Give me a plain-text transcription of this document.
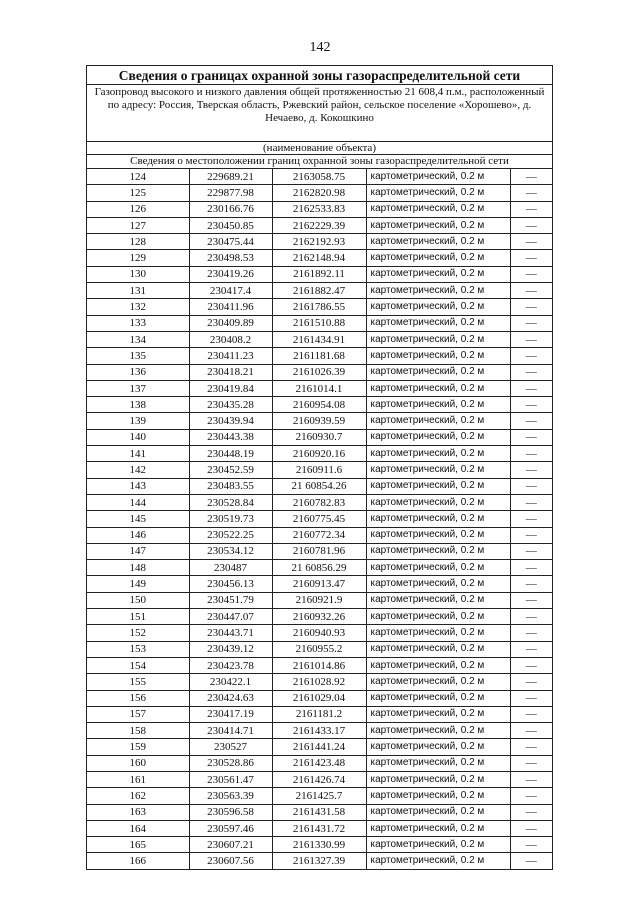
142
Сведения о границах охранной зоны газораспределительной сети
Газопровод высокого и низкого давления общей протяженностью 21 608,4 п.м., расположенный по адресу: Россия, Тверская область, Ржевский район, сельское поселение «Хорошево», д. Нечаево, д. Кокошкино
(наименование объекта)
Сведения о местоположении границ охранной зоны газораспределительной сети
124	229689.21	2163058.75	картометрический, 0.2 м	—
125	229877.98	2162820.98	картометрический, 0.2 м	—
126	230166.76	2162533.83	картометрический, 0.2 м	—
127	230450.85	2162229.39	картометрический, 0.2 м	—
128	230475.44	2162192.93	картометрический, 0.2 м	—
129	230498.53	2162148.94	картометрический, 0.2 м	—
130	230419.26	2161892.11	картометрический, 0.2 м	—
131	230417.4	2161882.47	картометрический, 0.2 м	—
132	230411.96	2161786.55	картометрический, 0.2 м	—
133	230409.89	2161510.88	картометрический, 0.2 м	—
134	230408.2	2161434.91	картометрический, 0.2 м	—
135	230411.23	2161181.68	картометрический, 0.2 м	—
136	230418.21	2161026.39	картометрический, 0.2 м	—
137	230419.84	2161014.1	картометрический, 0.2 м	—
138	230435.28	2160954.08	картометрический, 0.2 м	—
139	230439.94	2160939.59	картометрический, 0.2 м	—
140	230443.38	2160930.7	картометрический, 0.2 м	—
141	230448.19	2160920.16	картометрический, 0.2 м	—
142	230452.59	2160911.6	картометрический, 0.2 м	—
143	230483.55	21 60854.26	картометрический, 0.2 м	—
144	230528.84	2160782.83	картометрический, 0.2 м	—
145	230519.73	2160775.45	картометрический, 0.2 м	—
146	230522.25	2160772.34	картометрический, 0.2 м	—
147	230534.12	2160781.96	картометрический, 0.2 м	—
148	230487	21 60856.29	картометрический, 0.2 м	—
149	230456.13	2160913.47	картометрический, 0.2 м	—
150	230451.79	2160921.9	картометрический, 0.2 м	—
151	230447.07	2160932.26	картометрический, 0.2 м	—
152	230443.71	2160940.93	картометрический, 0.2 м	—
153	230439.12	2160955.2	картометрический, 0.2 м	—
154	230423.78	2161014.86	картометрический, 0.2 м	—
155	230422.1	2161028.92	картометрический, 0.2 м	—
156	230424.63	2161029.04	картометрический, 0.2 м	—
157	230417.19	2161181.2	картометрический, 0.2 м	—
158	230414.71	2161433.17	картометрический, 0.2 м	—
159	230527	2161441.24	картометрический, 0.2 м	—
160	230528.86	2161423.48	картометрический, 0.2 м	—
161	230561.47	2161426.74	картометрический, 0.2 м	—
162	230563.39	2161425.7	картометрический, 0.2 м	—
163	230596.58	2161431.58	картометрический, 0.2 м	—
164	230597.46	2161431.72	картометрический, 0.2 м	—
165	230607.21	2161330.99	картометрический, 0.2 м	—
166	230607.56	2161327.39	картометрический, 0.2 м	—
